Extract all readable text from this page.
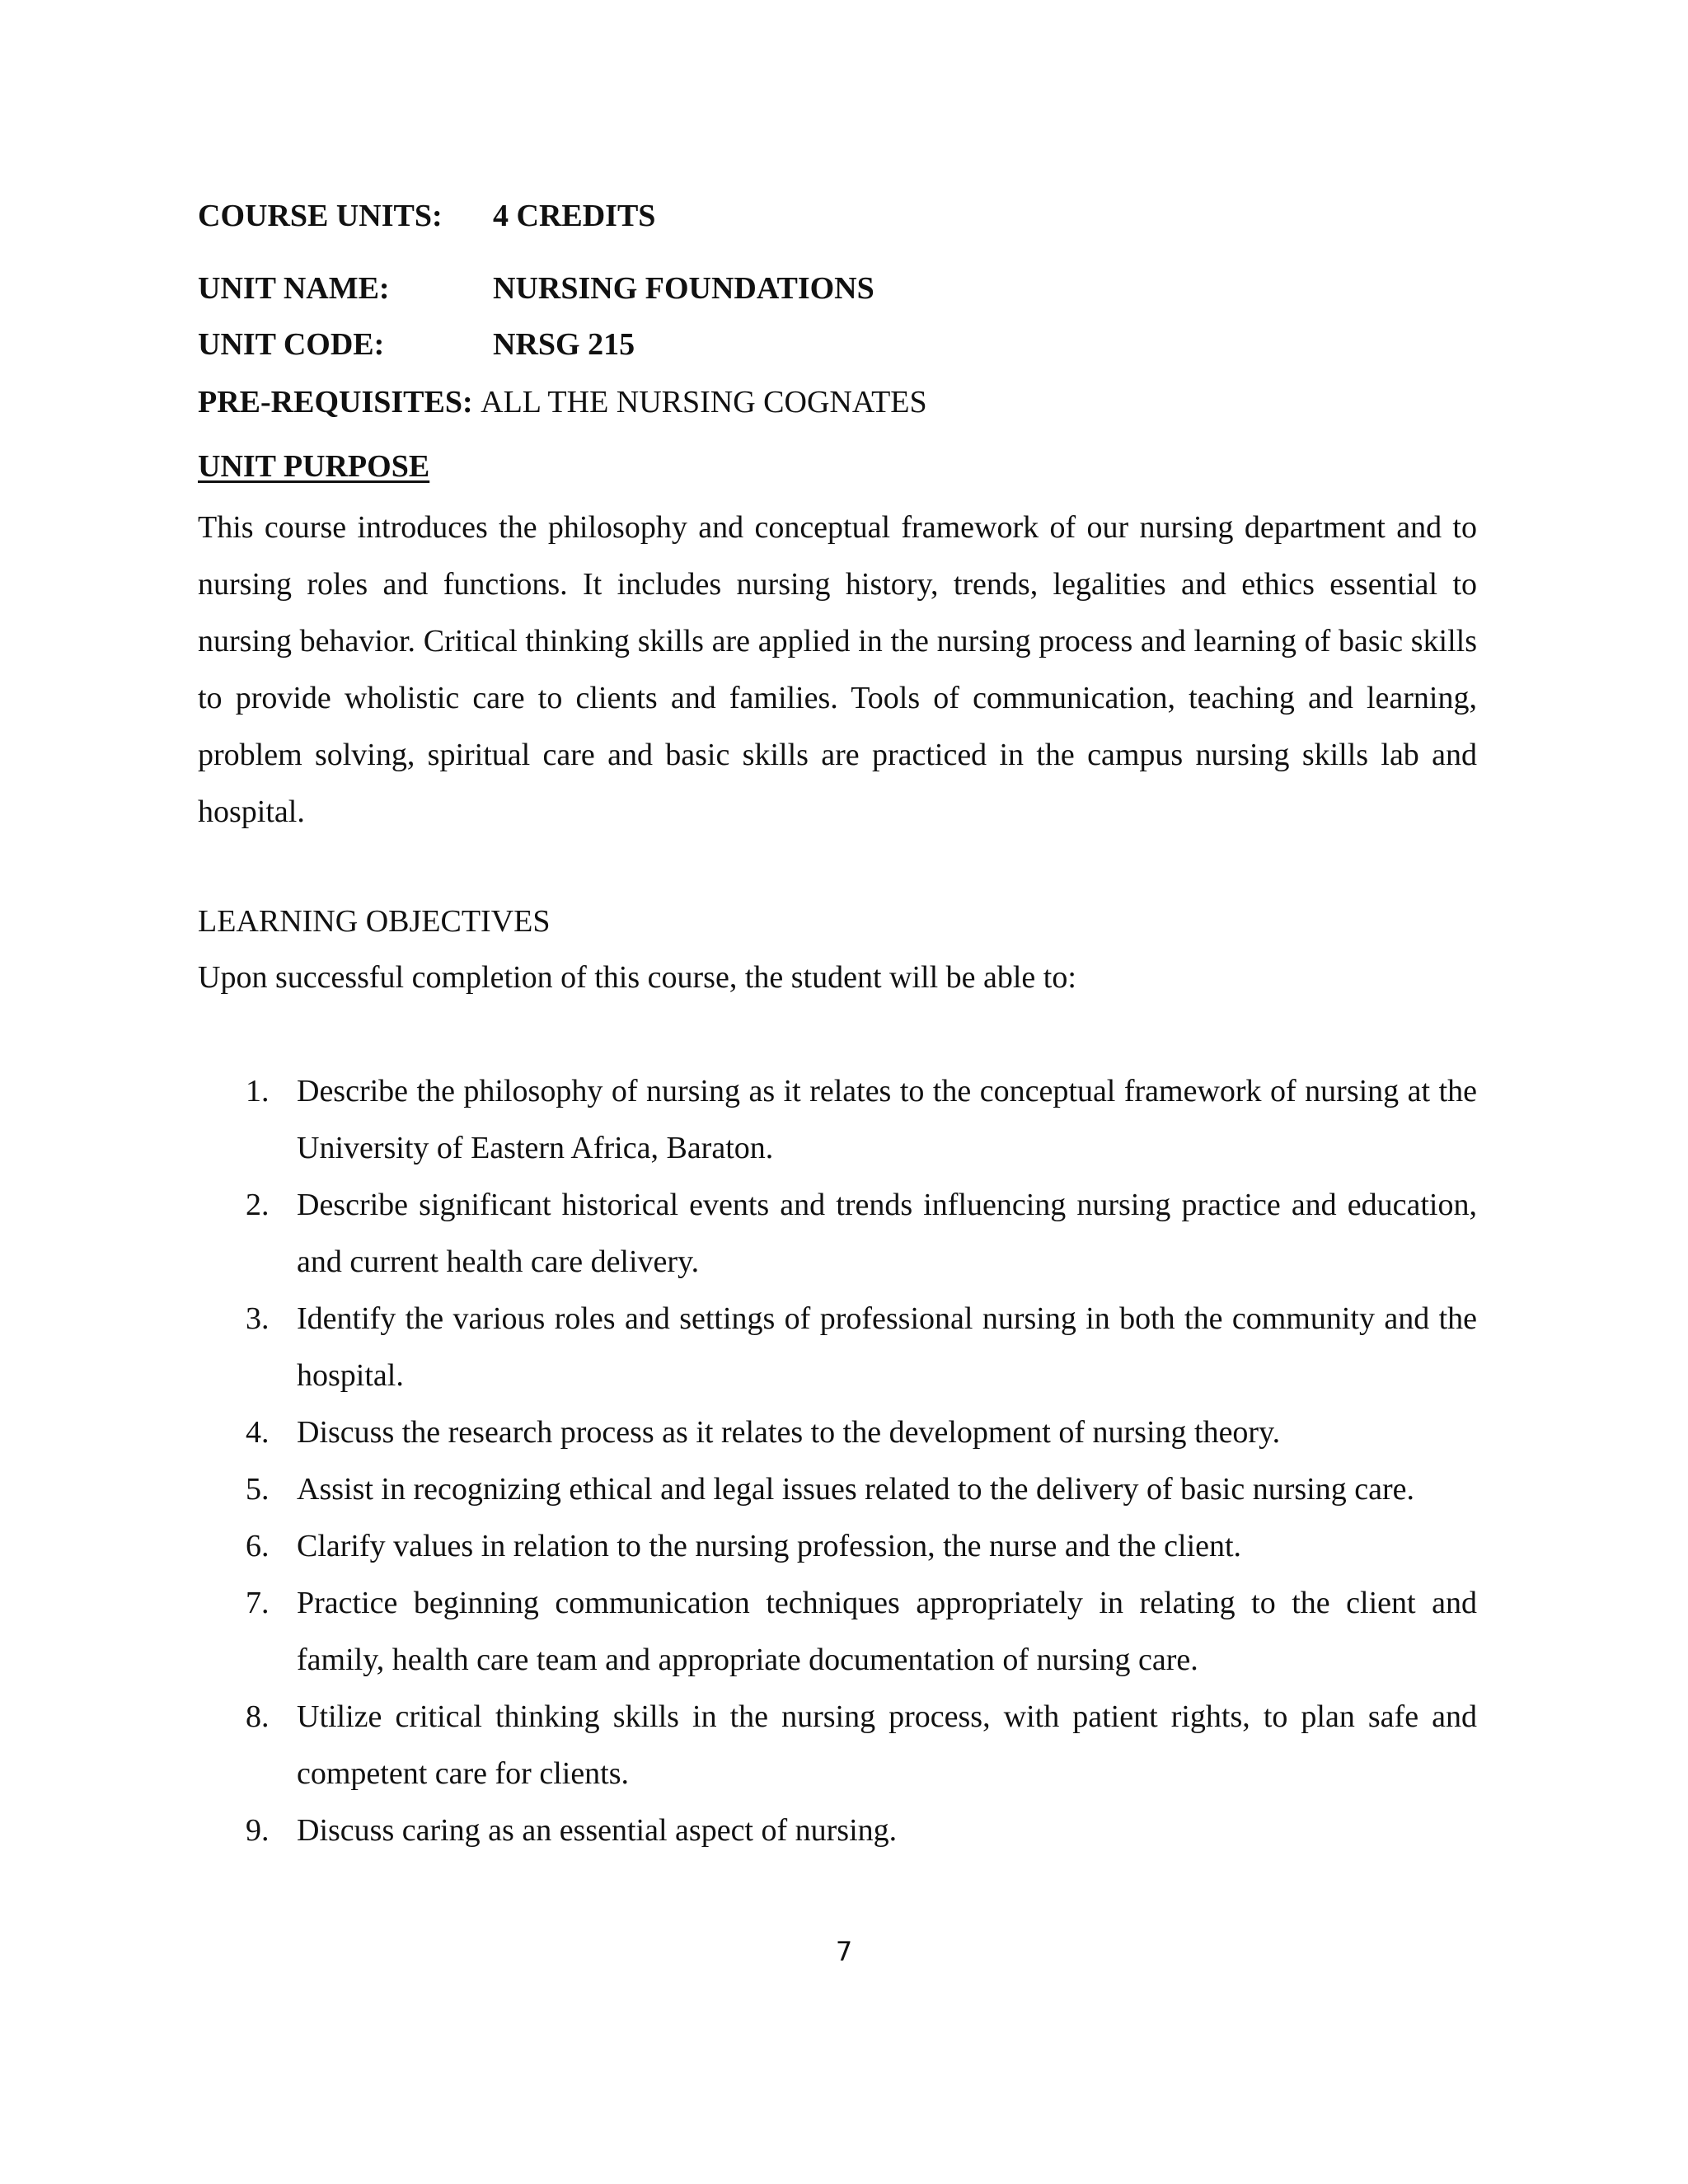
COURSE UNITS: 4 CREDITS
UNIT NAME:	NURSING FOUNDATIONS
UNIT CODE:	NRSG 215
PRE-REQUISITES: ALL THE NURSING COGNATES
UNIT PURPOSE

This course introduces the philosophy and conceptual framework of our nursing department and to nursing roles and functions. It includes nursing history, trends, legalities and ethics essential to nursing behavior. Critical thinking skills are applied in the nursing process and learning of basic skills to provide wholistic care to clients and families. Tools of communication, teaching and learning, problem solving, spiritual care and basic skills are practiced in the campus nursing skills lab and hospital.

LEARNING OBJECTIVES
Upon successful completion of this course, the student will be able to:
1. Describe the philosophy of nursing as it relates to the conceptual framework of nursing at the University of Eastern Africa, Baraton.
2. Describe significant historical events and trends influencing nursing practice and education, and current health care delivery.
3. Identify the various roles and settings of professional nursing in both the community and the hospital.
4. Discuss the research process as it relates to the development of nursing theory.
5. Assist in recognizing ethical and legal issues related to the delivery of basic nursing care.
6. Clarify values in relation to the nursing profession, the nurse and the client.
7. Practice beginning communication techniques appropriately in relating to the client and family, health care team and appropriate documentation of nursing care.
8. Utilize critical thinking skills in the nursing process, with patient rights, to plan safe and competent care for clients.
9. Discuss caring as an essential aspect of nursing.
7
